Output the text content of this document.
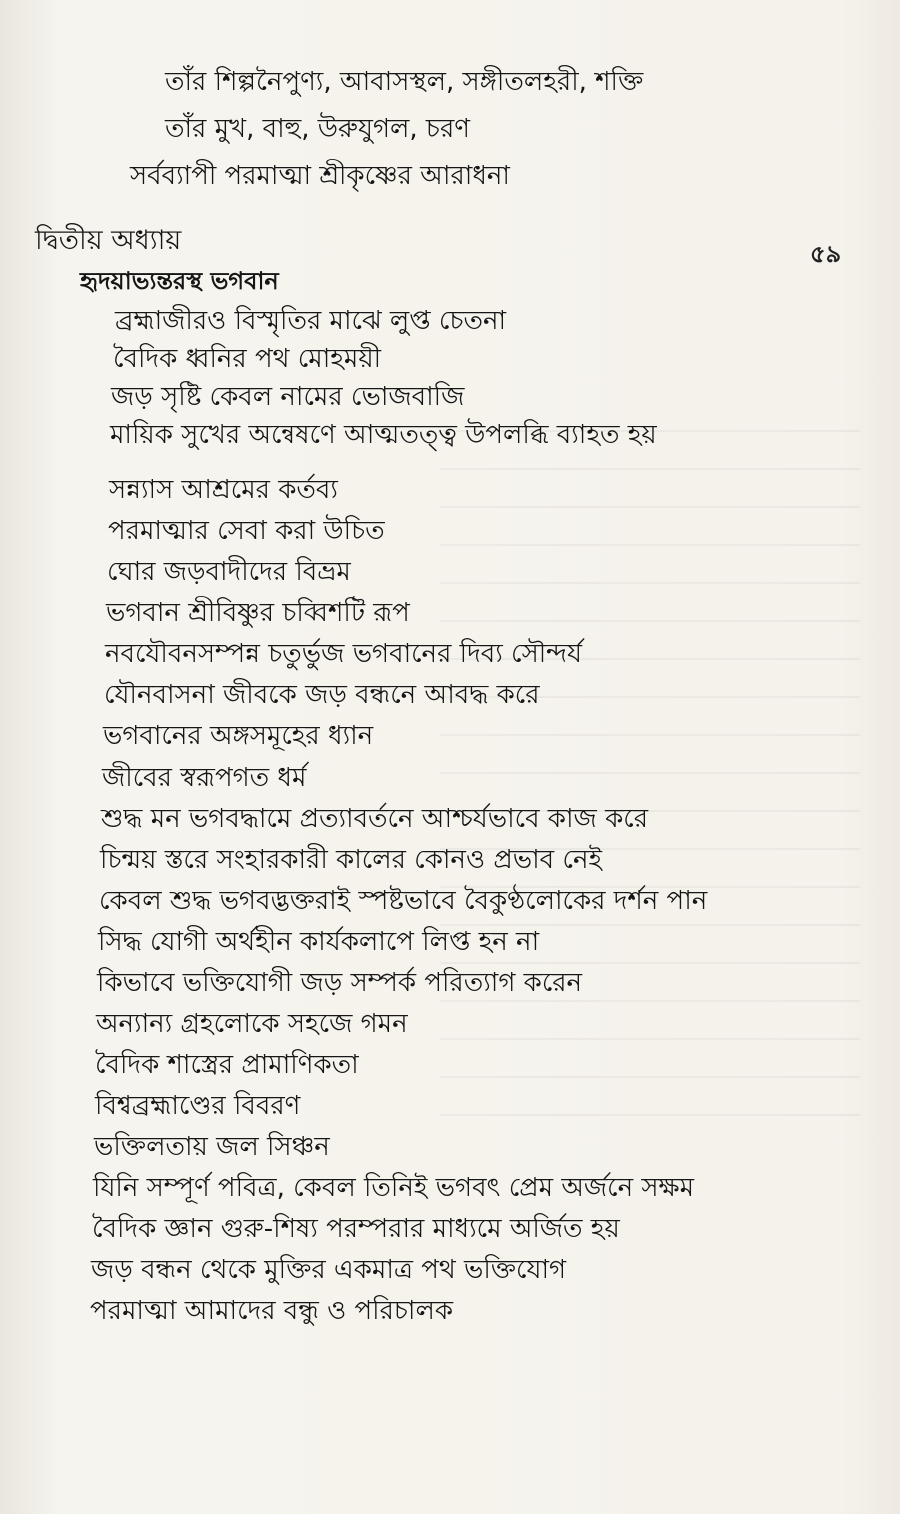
তাঁর শিল্পনৈপুণ্য, আবাসস্থল, সঙ্গীতলহরী, শক্তি
তাঁর মুখ, বাহু, উরুযুগল, চরণ
সর্বব্যাপী পরমাত্মা শ্রীকৃষ্ণের আরাধনা
দ্বিতীয় অধ্যায়	৫৯
হৃদয়াভ্যন্তরস্থ ভগবান
ব্রহ্মাজীরও বিস্মৃতির মাঝে লুপ্ত চেতনা
বৈদিক ধ্বনির পথ মোহময়ী
জড় সৃষ্টি কেবল নামের ভোজবাজি
মায়িক সুখের অন্বেষণে আত্মতত্ত্ব উপলব্ধি ব্যাহত হয়
সন্ন্যাস আশ্রমের কর্তব্য
পরমাত্মার সেবা করা উচিত
ঘোর জড়বাদীদের বিভ্রম
ভগবান শ্রীবিষ্ণুর চব্বিশটি রূপ
নবযৌবনসম্পন্ন চতুর্ভুজ ভগবানের দিব্য সৌন্দর্য
যৌনবাসনা জীবকে জড় বন্ধনে আবদ্ধ করে
ভগবানের অঙ্গসমূহের ধ্যান
জীবের স্বরূপগত ধর্ম
শুদ্ধ মন ভগবদ্ধামে প্রত্যাবর্তনে আশ্চর্যভাবে কাজ করে
চিন্ময় স্তরে সংহারকারী কালের কোনও প্রভাব নেই
কেবল শুদ্ধ ভগবদ্ভক্তরাই স্পষ্টভাবে বৈকুণ্ঠলোকের দর্শন পান
সিদ্ধ যোগী অর্থহীন কার্যকলাপে লিপ্ত হন না
কিভাবে ভক্তিযোগী জড় সম্পর্ক পরিত্যাগ করেন
অন্যান্য গ্রহলোকে সহজে গমন
বৈদিক শাস্ত্রের প্রামাণিকতা
বিশ্বব্রহ্মাণ্ডের বিবরণ
ভক্তিলতায় জল সিঞ্চন
যিনি সম্পূর্ণ পবিত্র, কেবল তিনিই ভগবৎ প্রেম অর্জনে সক্ষম
বৈদিক জ্ঞান গুরু-শিষ্য পরম্পরার মাধ্যমে অর্জিত হয়
জড় বন্ধন থেকে মুক্তির একমাত্র পথ ভক্তিযোগ
পরমাত্মা আমাদের বন্ধু ও পরিচালক
